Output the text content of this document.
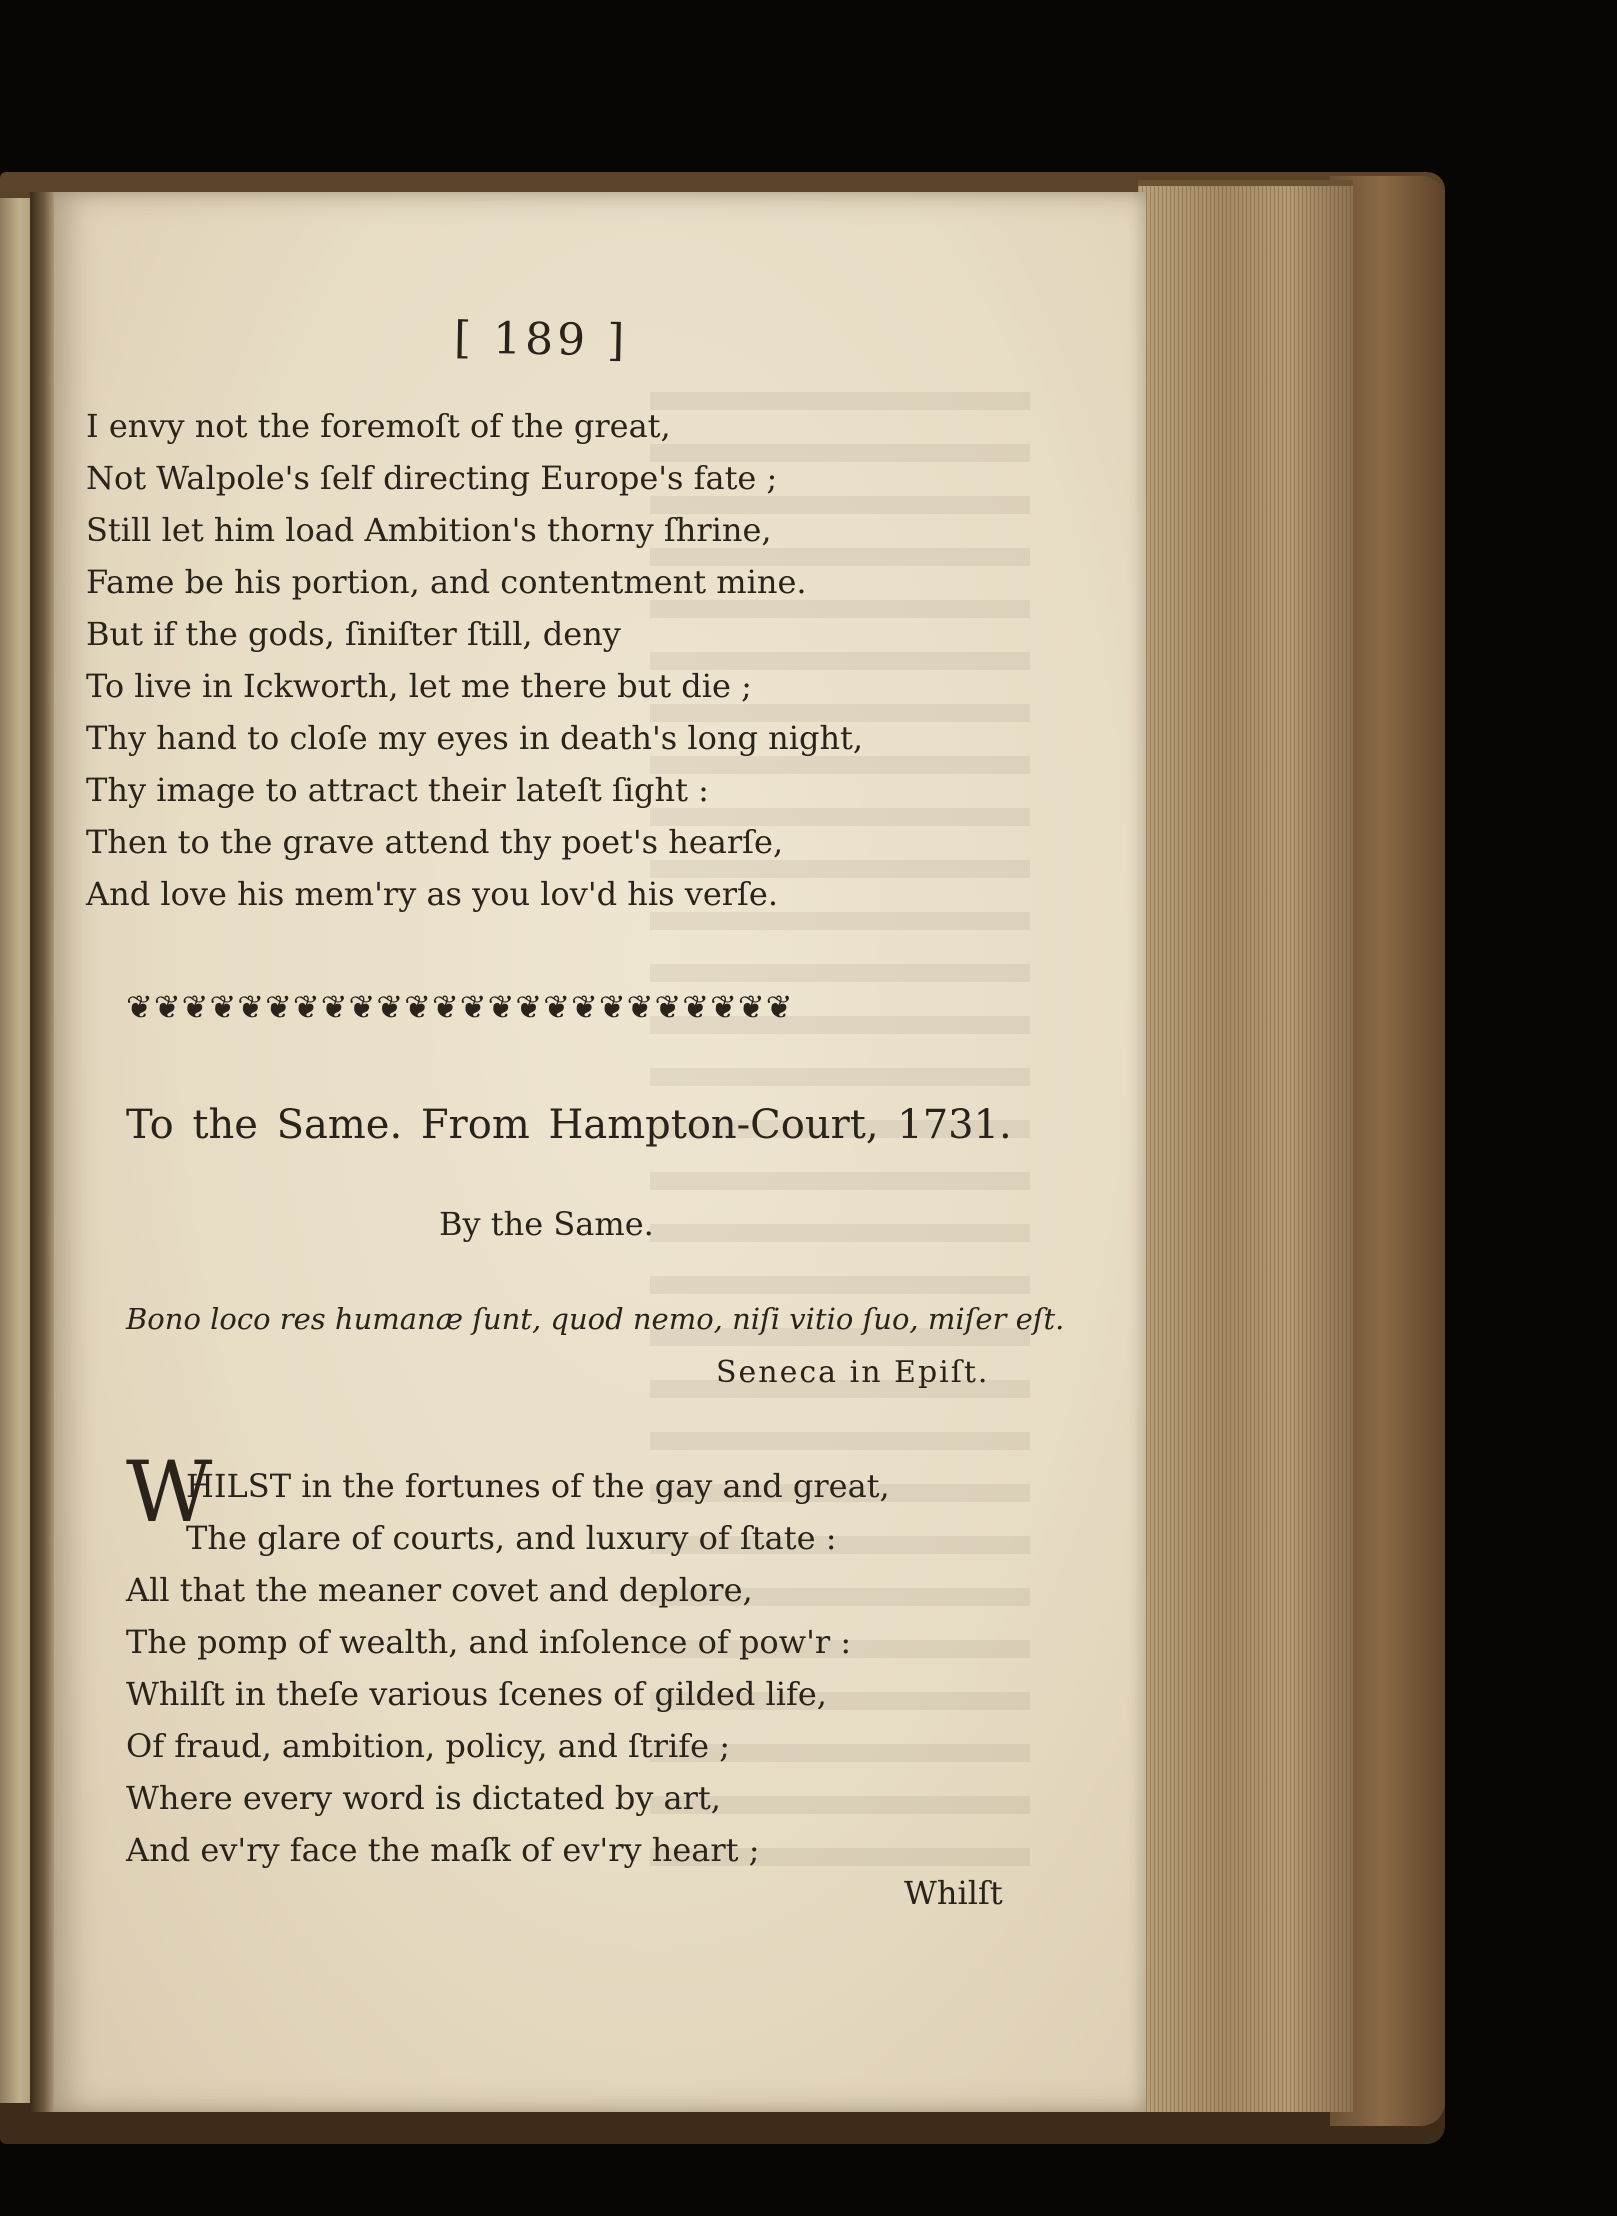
[ 189 ]
I envy not the foremoſt of the great,
Not Walpole's ſelf directing Europe's fate ;
Still let him load Ambition's thorny ſhrine,
Fame be his portion, and contentment mine.
But if the gods, ſiniſter ſtill, deny
To live in Ickworth, let me there but die ;
Thy hand to cloſe my eyes in death's long night,
Thy image to attract their lateſt ſight :
Then to the grave attend thy poet's hearſe,
And love his mem'ry as you lov'd his verſe.
❦❦❦❦❦❦❦❦❦❦❦❦❦❦❦❦❦❦❦❦❦❦❦❦
To the Same. From Hampton-Court, 1731.
By the Same.
Bono loco res humanæ ſunt, quod nemo, niſi vitio ſuo, miſer eſt.
Seneca in Epiſt.
W
HILST in the fortunes of the gay and great,
The glare of courts, and luxury of ſtate :
All that the meaner covet and deplore,
The pomp of wealth, and inſolence of pow'r :
Whilſt in theſe various ſcenes of gilded life,
Of fraud, ambition, policy, and ſtrife ;
Where every word is dictated by art,
And ev'ry face the maſk of ev'ry heart ;
Whilſt
